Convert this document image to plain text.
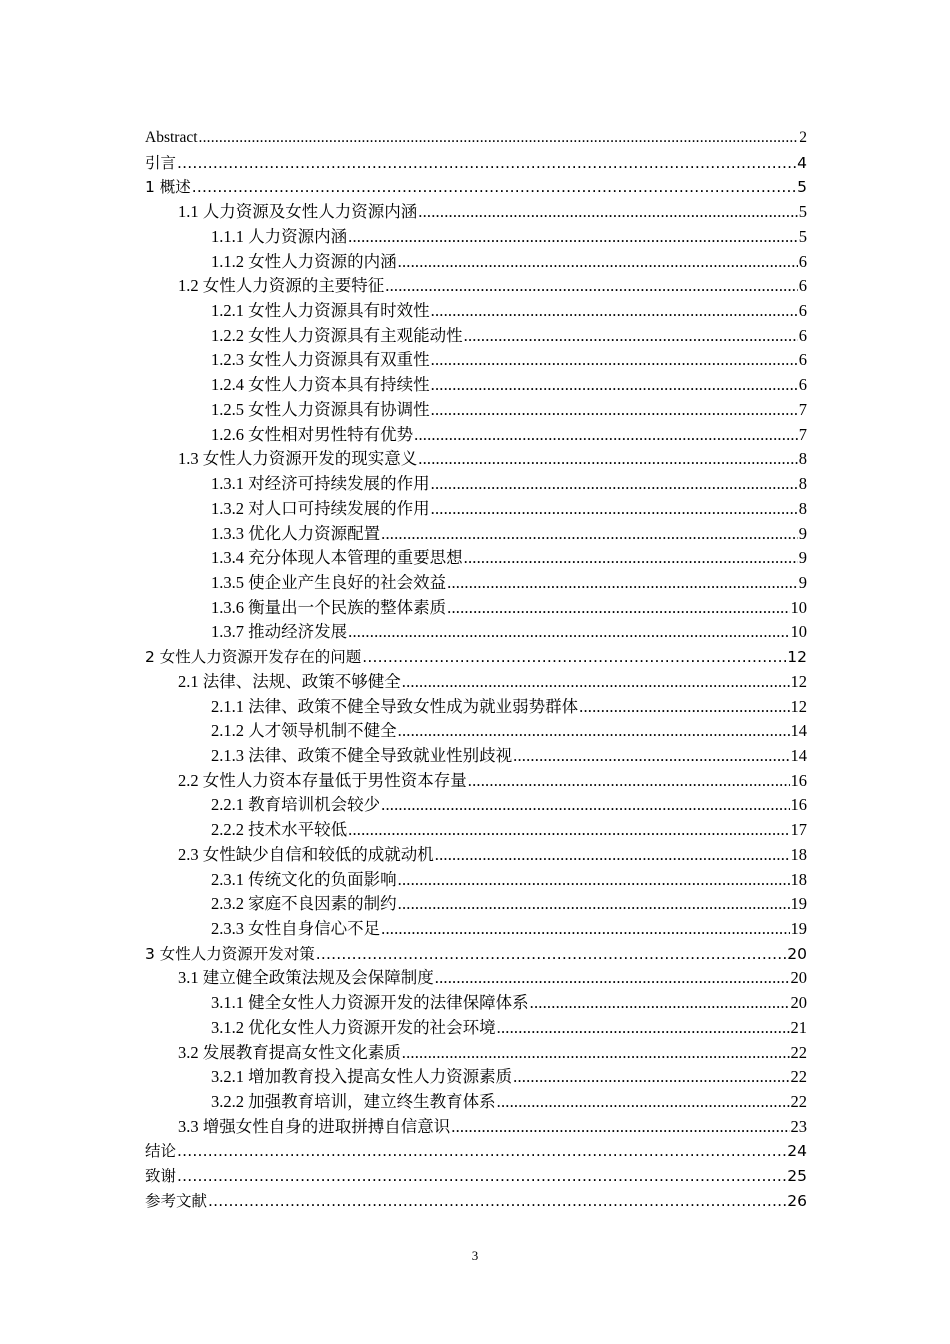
Abstract .....	2
引言 .....	4
1 概述 .....	5
1.1 人力资源及女性人力资源内涵 .....	5
1.1.1 人力资源内涵 .....	5
1.1.2 女性人力资源的内涵 .....	6
1.2 女性人力资源的主要特征 .....	6
1.2.1 女性人力资源具有时效性 .....	6
1.2.2 女性人力资源具有主观能动性 .....	6
1.2.3 女性人力资源具有双重性 .....	6
1.2.4 女性人力资本具有持续性 .....	6
1.2.5 女性人力资源具有协调性 .....	7
1.2.6 女性相对男性特有优势 .....	7
1.3 女性人力资源开发的现实意义 .....	8
1.3.1 对经济可持续发展的作用 .....	8
1.3.2 对人口可持续发展的作用 .....	8
1.3.3 优化人力资源配置 .....	9
1.3.4 充分体现人本管理的重要思想 .....	9
1.3.5 使企业产生良好的社会效益 .....	9
1.3.6 衡量出一个民族的整体素质 .....	10
1.3.7 推动经济发展 .....	10
2 女性人力资源开发存在的问题 .....	12
2.1 法律、法规、政策不够健全 .....	12
2.1.1 法律、政策不健全导致女性成为就业弱势群体 .....	12
2.1.2 人才领导机制不健全 .....	14
2.1.3 法律、政策不健全导致就业性别歧视 .....	14
2.2 女性人力资本存量低于男性资本存量 .....	16
2.2.1 教育培训机会较少 .....	16
2.2.2 技术水平较低 .....	17
2.3 女性缺少自信和较低的成就动机 .....	18
2.3.1 传统文化的负面影响 .....	18
2.3.2 家庭不良因素的制约 .....	19
2.3.3 女性自身信心不足 .....	19
3 女性人力资源开发对策 .....	20
3.1 建立健全政策法规及会保障制度 .....	20
3.1.1 健全女性人力资源开发的法律保障体系 .....	20
3.1.2 优化女性人力资源开发的社会环境 .....	21
3.2 发展教育提高女性文化素质 .....	22
3.2.1 增加教育投入提高女性人力资源素质 .....	22
3.2.2 加强教育培训，建立终生教育体系 .....	22
3.3 增强女性自身的进取拼搏自信意识 .....	23
结论 .....	24
致谢 .....	25
参考文献 .....	26
3
